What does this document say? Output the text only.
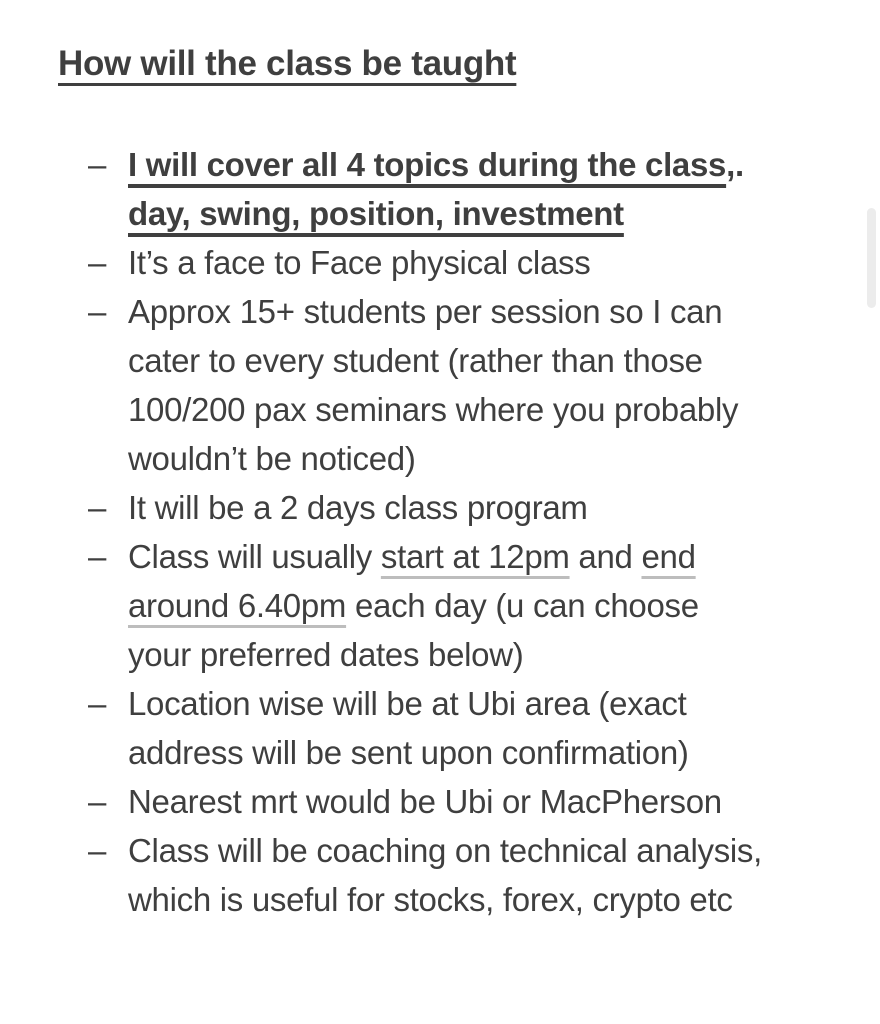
How will the class be taught
– I will cover all 4 topics during the class,.
day, swing, position, investment
– It’s a face to Face physical class
– Approx 15+ students per session so I can
cater to every student (rather than those
100/200 pax seminars where you probably
wouldn’t be noticed)
– It will be a 2 days class program
– Class will usually start at 12pm and end
around 6.40pm each day (u can choose
your preferred dates below)
– Location wise will be at Ubi area (exact
address will be sent upon confirmation)
– Nearest mrt would be Ubi or MacPherson
– Class will be coaching on technical analysis,
which is useful for stocks, forex, crypto etc
